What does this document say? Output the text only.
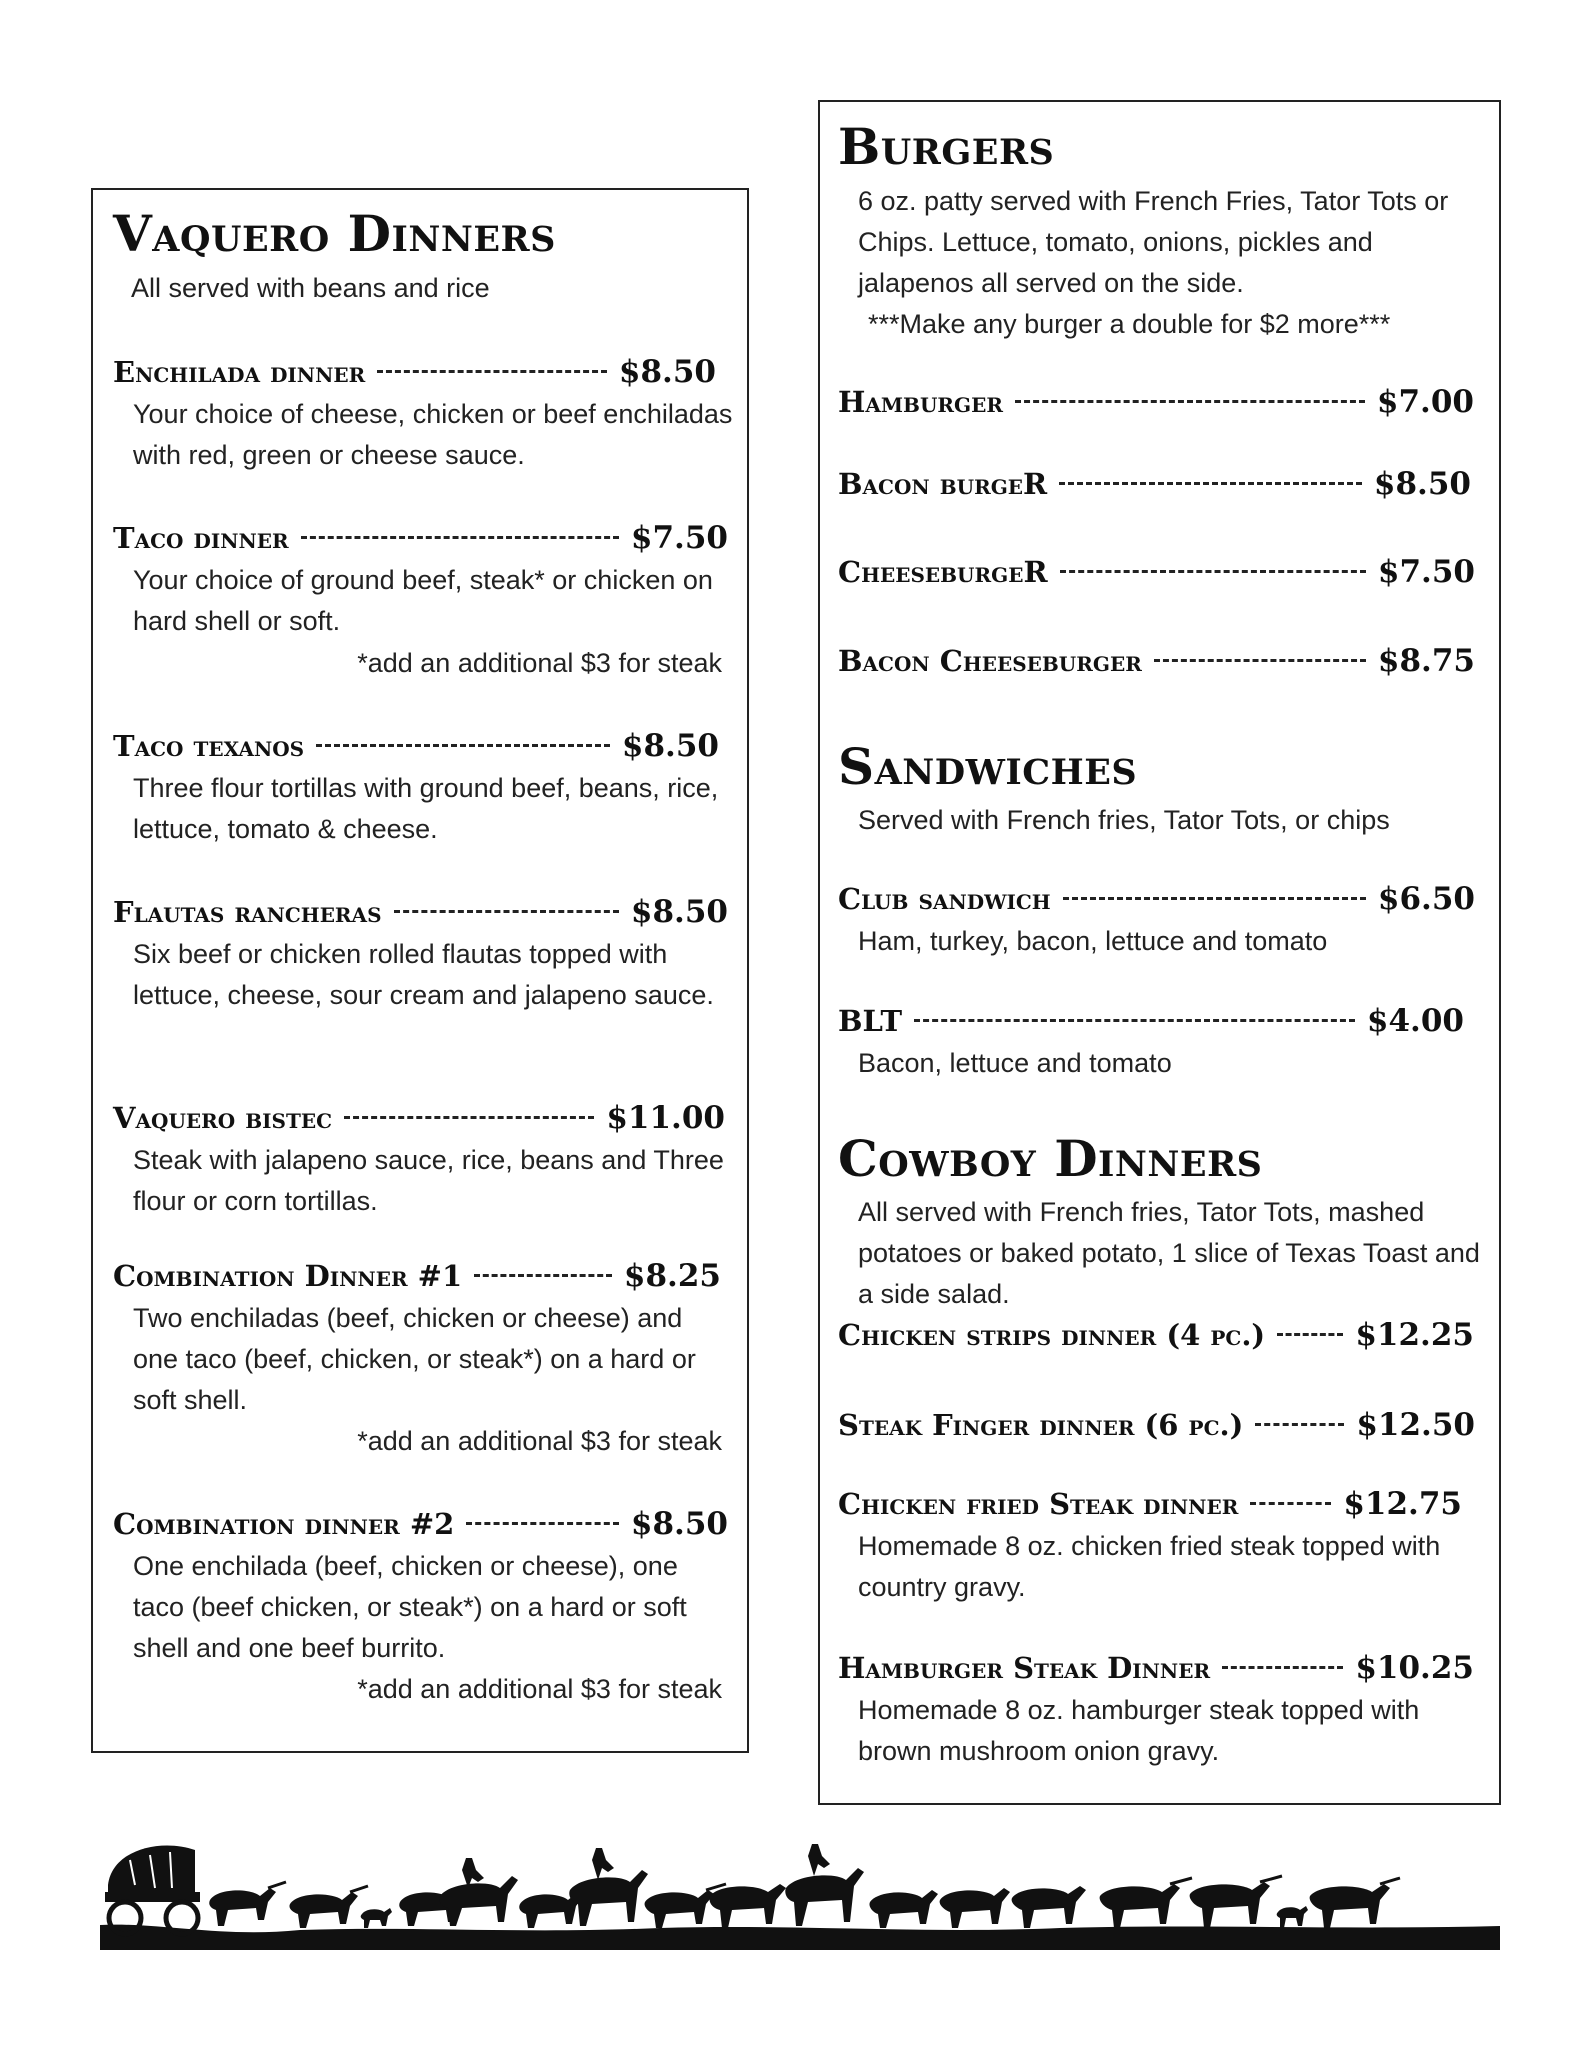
Vaquero Dinners
All served with beans and rice
Enchilada dinner	$8.50
Your choice of cheese, chicken or beef enchiladas with red, green or cheese sauce.
Taco dinner	$7.50
Your choice of ground beef, steak* or chicken on hard shell or soft.
*add an additional $3 for steak
Taco texanos	$8.50
Three flour tortillas with ground beef, beans, rice, lettuce, tomato & cheese.
Flautas rancheras	$8.50
Six beef or chicken rolled flautas topped with lettuce, cheese, sour cream and jalapeno sauce.
Vaquero bistec	$11.00
Steak with jalapeno sauce, rice, beans and Three flour or corn tortillas.
Combination Dinner #1	$8.25
Two enchiladas (beef, chicken or cheese) and one taco (beef, chicken, or steak*) on a hard or soft shell.
*add an additional $3 for steak
Combination dinner #2	$8.50
One enchilada (beef, chicken or cheese), one taco (beef chicken, or steak*) on a hard or soft shell and one beef burrito.
*add an additional $3 for steak
Burgers
6 oz. patty served with French Fries, Tator Tots or Chips. Lettuce, tomato, onions, pickles and jalapenos all served on the side.
***Make any burger a double for $2 more***
Hamburger	$7.00
Bacon burgeR	$8.50
CheeseburgeR	$7.50
Bacon Cheeseburger	$8.75
Sandwiches
Served with French fries, Tator Tots, or chips
Club sandwich	$6.50
Ham, turkey, bacon, lettuce and tomato
BLT	$4.00
Bacon, lettuce and tomato
Cowboy Dinners
All served with French fries, Tator Tots, mashed potatoes or baked potato, 1 slice of Texas Toast and a side salad.
Chicken strips dinner (4 pc.)	$12.25
Steak Finger dinner (6 pc.)	$12.50
Chicken fried Steak dinner	$12.75
Homemade 8 oz. chicken fried steak topped with country gravy.
Hamburger Steak Dinner	$10.25
Homemade 8 oz. hamburger steak topped with brown mushroom onion gravy.
